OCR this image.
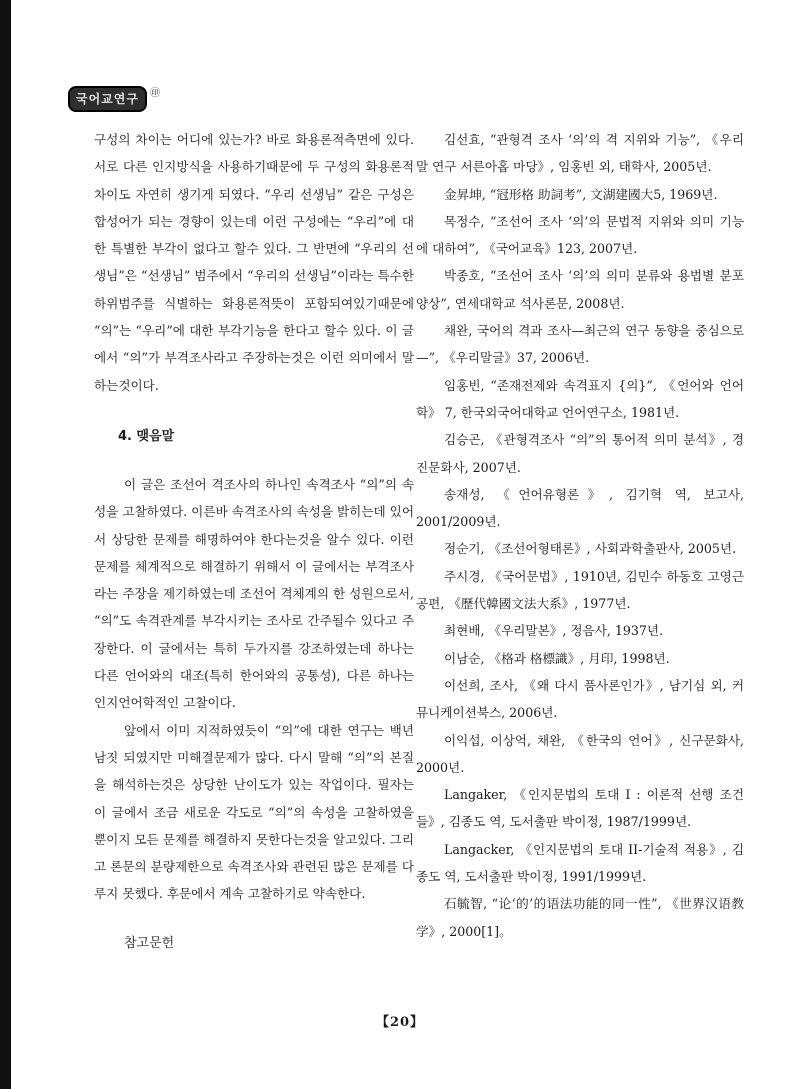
국어교연구	㊞

구성의 차이는 어디에 있는가? 바로 화용론적측면에 있다. 서로 다른 인지방식을 사용하기때문에 두 구성의 화용론적차이도 자연히 생기게 되였다. “우리 선생님” 같은 구성은 합성어가 되는 경향이 있는데 이런 구성에는 “우리”에 대한 특별한 부각이 없다고 할수 있다. 그 반면에 “우리의 선생님”은 “선생님” 범주에서 “우리의 선생님”이라는 특수한 하위범주를 식별하는 화용론적뜻이 포함되여있기때문에 “의”는 “우리”에 대한 부각기능을 한다고 할수 있다. 이 글에서 “의”가 부격조사라고 주장하는것은 이런 의미에서 말하는것이다.

4. 맺음말

이 글은 조선어 격조사의 하나인 속격조사 “의”의 속성을 고찰하였다. 이른바 속격조사의 속성을 밝히는데 있어서 상당한 문제를 해명하여야 한다는것을 알수 있다. 이런 문제를 체계적으로 해결하기 위해서 이 글에서는 부격조사라는 주장을 제기하였는데 조선어 격체계의 한 성원으로서, “의”도 속격관계를 부각시키는 조사로 간주될수 있다고 주장한다. 이 글에서는 특히 두가지를 강조하였는데 하나는 다른 언어와의 대조(특히 한어와의 공통성), 다른 하나는 인지언어학적인 고찰이다.

앞에서 이미 지적하였듯이 “의”에 대한 연구는 백년남짓 되였지만 미해결문제가 많다. 다시 말해 “의”의 본질을 해석하는것은 상당한 난이도가 있는 작업이다. 필자는 이 글에서 조금 새로운 각도로 “의”의 속성을 고찰하였을뿐이지 모든 문제를 해결하지 못한다는것을 알고있다. 그리고 론문의 분량제한으로 속격조사와 관련된 많은 문제를 다루지 못했다. 후문에서 계속 고찰하기로 약속한다.

참고문헌

김선효, “관형격 조사 ‘의’의 격 지위와 기능”, 《우리말 연구 서른아홉 마당》, 임홍빈 외, 태학사, 2005년.

金昇坤, “冠形格 助詞考”, 文湖建國大5, 1969년.

목정수, “조선어 조사 ‘의’의 문법적 지위와 의미 기능에 대하여”, 《국어교육》123, 2007년.

박종호, “조선어 조사 ‘의’의 의미 분류와 용법별 분포양상”, 연세대학교 석사론문, 2008년.

채완, 국어의 격과 조사—최근의 연구 동향을 중심으로—”, 《우리말글》37, 2006년.

임홍빈, “존재전제와 속격표지 {의}”, 《언어와 언어학》 7, 한국외국어대학교 언어연구소, 1981년.

김승곤, 《관형격조사 “의”의 통어적 의미 분석》, 경진문화사, 2007년.

송재성, 《언어유형론》, 김기혁 역, 보고사, 2001/2009년.

정순기, 《조선어형태론》, 사회과학출판사, 2005년.

주시경, 《국어문법》, 1910년, 김민수 하동호 고영근 공편, 《歷代韓國文法大系》, 1977년.

최현배, 《우리말본》, 정음사, 1937년.

이남순, 《格과 格標識》, 月印, 1998년.

이선희, 조사, 《왜 다시 품사론인가》, 남기심 외, 커뮤니케이션북스, 2006년.

이익섭, 이상억, 채완, 《한국의 언어》, 신구문화사, 2000년.

Langaker, 《인지문법의 토대 I : 이론적 선행 조건들》, 김종도 역, 도서출판 박이정, 1987/1999년.

Langacker, 《인지문법의 토대 II-기술적 적용》, 김종도 역, 도서출판 박이정, 1991/1999년.

石毓智, “论‘的’的语法功能的同一性”, 《世界汉语教学》, 2000[1]。

【20】
